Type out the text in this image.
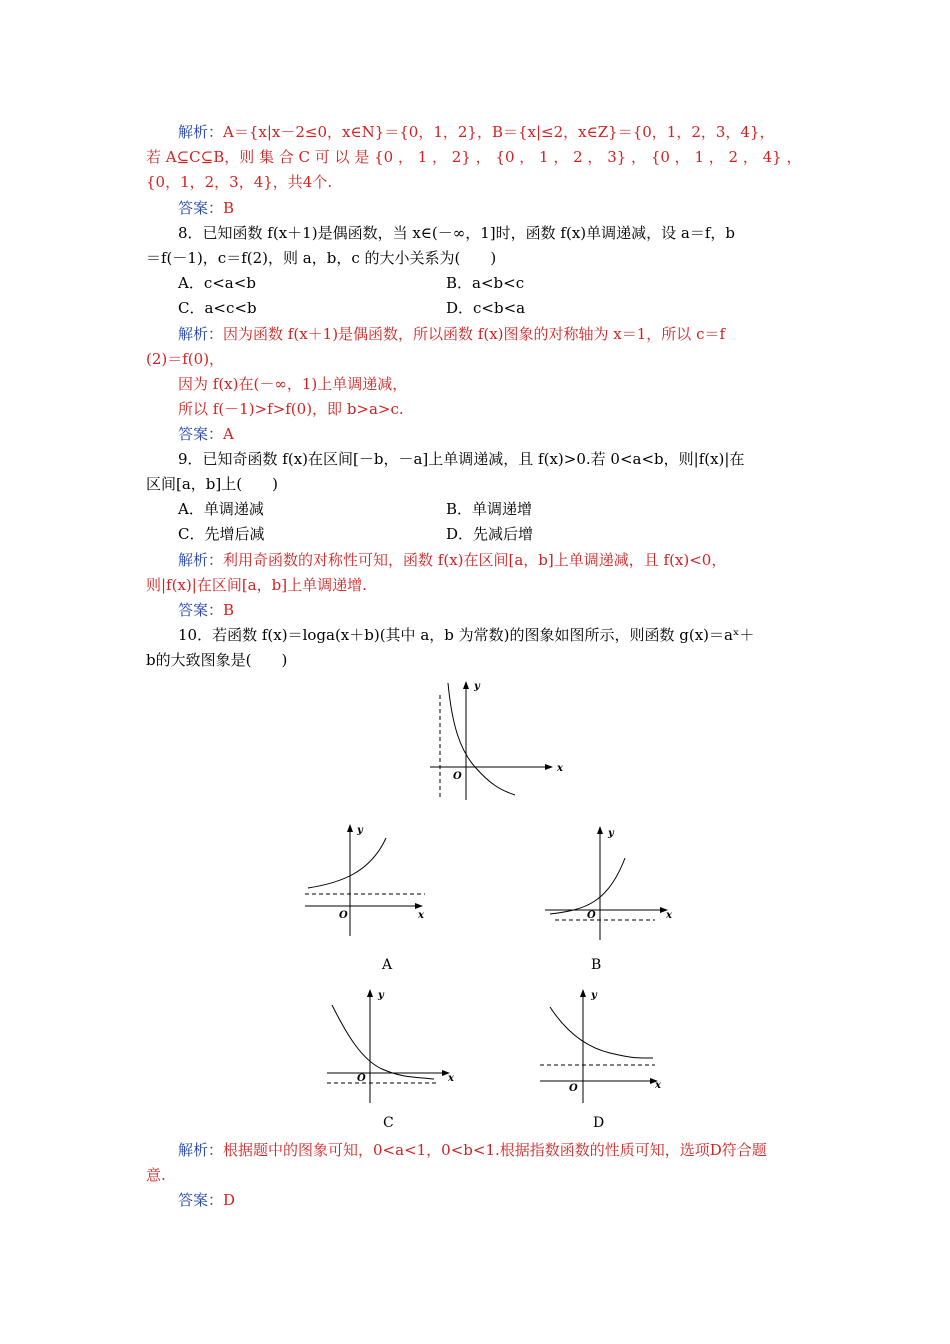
解析：A＝{x|x－2≤0，x∈N}＝{0，1，2}，B＝{x|≤2，x∈Z}＝{0，1，2，3，4}，
若 A⊆C⊆B，则 集 合 C 可 以 是 {0 ， 1 ， 2} ， {0 ， 1 ， 2 ， 3} ， {0 ， 1 ， 2 ， 4} ，
{0，1，2，3，4}，共4个.
答案：B
8．已知函数 f(x＋1)是偶函数，当 x∈(－∞，1]时，函数 f(x)单调递减，设 a＝f，b
＝f(－1)，c＝f(2)，则 a，b，c 的大小关系为(　　)
A．c<a<b	B．a<b<c
C．a<c<b	D．c<b<a
解析：因为函数 f(x＋1)是偶函数，所以函数 f(x)图象的对称轴为 x＝1，所以 c＝f
(2)＝f(0)，
因为 f(x)在(－∞，1)上单调递减，
所以 f(－1)>f>f(0)，即 b>a>c.
答案：A
9．已知奇函数 f(x)在区间[－b，－a]上单调递减，且 f(x)>0.若 0<a<b，则|f(x)|在
区间[a，b]上(　　)
A．单调递减	B．单调递增
C．先增后减	D．先减后增
解析：利用奇函数的对称性可知，函数 f(x)在区间[a，b]上单调递减，且 f(x)<0，
则|f(x)|在区间[a，b]上单调递增.
答案：B
10．若函数 f(x)＝loga(x＋b)(其中 a，b 为常数)的图象如图所示，则函数 g(x)＝aˣ＋
b的大致图象是(　　)
x
y
O
x
y
O
A
x
y
O
B
x
y
O
C
x
y
O
D
解析：根据题中的图象可知，0<a<1，0<b<1.根据指数函数的性质可知，选项D符合题
意.
答案：D
